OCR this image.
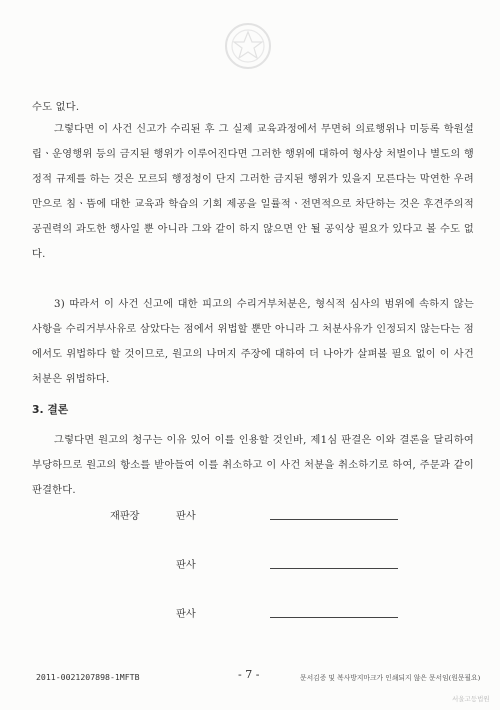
수도 없다.

그렇다면 이 사건 신고가 수리된 후 그 실제 교육과정에서 무면허 의료행위나 미등록 학원설립ㆍ운영행위 등의 금지된 행위가 이루어진다면 그러한 행위에 대하여 형사상 처벌이나 별도의 행정적 규제를 하는 것은 모르되 행정청이 단지 그러한 금지된 행위가 있을지 모른다는 막연한 우려만으로 침ㆍ뜸에 대한 교육과 학습의 기회 제공을 일률적ㆍ전면적으로 차단하는 것은 후견주의적 공권력의 과도한 행사일 뿐 아니라 그와 같이 하지 않으면 안 될 공익상 필요가 있다고 볼 수도 없다.

3) 따라서 이 사건 신고에 대한 피고의 수리거부처분은, 형식적 심사의 범위에 속하지 않는 사항을 수리거부사유로 삼았다는 점에서 위법할 뿐만 아니라 그 처분사유가 인정되지 않는다는 점에서도 위법하다 할 것이므로, 원고의 나머지 주장에 대하여 더 나아가 살펴볼 필요 없이 이 사건 처분은 위법하다.

3. 결론

그렇다면 원고의 청구는 이유 있어 이를 인용할 것인바, 제1심 판결은 이와 결론을 달리하여 부당하므로 원고의 항소를 받아들여 이를 취소하고 이 사건 처분을 취소하기로 하여, 주문과 같이 판결한다.

재판장	판사
판사
판사
2011-0021207898-1MFTB	- 7 -	문서김증 및 복사방지마크가 인쇄되지 않은 문서임(원문필요)
서울고등법원
